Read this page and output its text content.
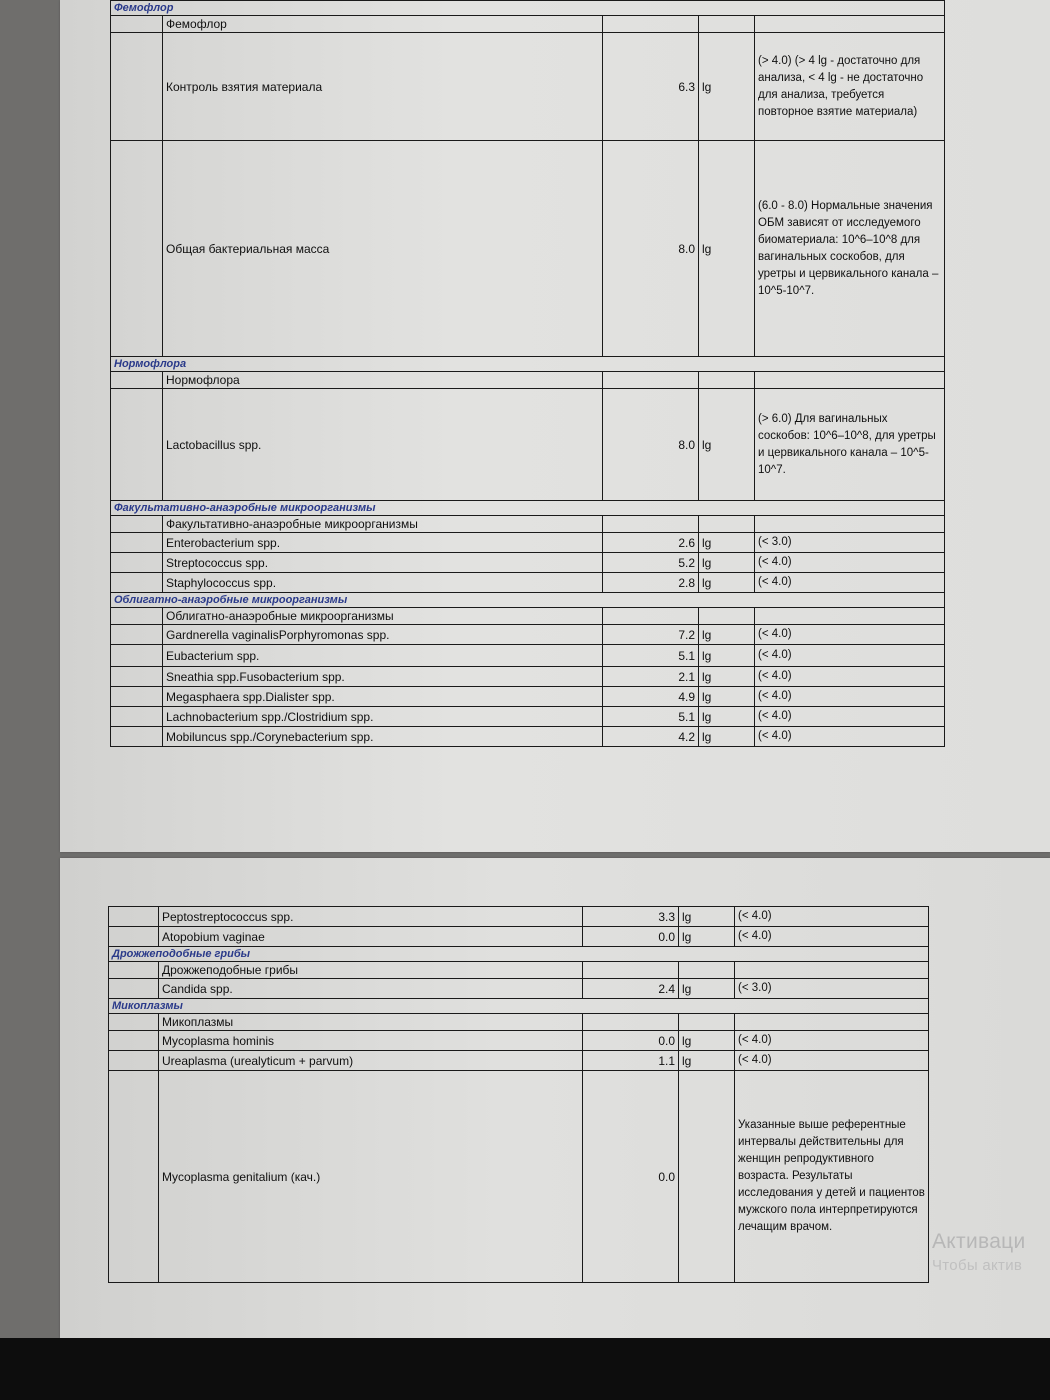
Фемофлор				
	Фемофлор			
	Контроль взятия материала	6.3	lg	(> 4.0) (> 4 lg - достаточно для анализа, < 4 lg - не достаточно для анализа, требуется повторное взятие материала)
	Общая бактериальная масса	8.0	lg	(6.0 - 8.0) Нормальные значения ОБМ зависят от исследуемого биоматериала: 10^6–10^8 для вагинальных соскобов, для уретры и цервикального канала – 10^5-10^7.
Нормофлора				
	Нормофлора			
	Lactobacillus spp.	8.0	lg	(> 6.0) Для вагинальных соскобов: 10^6–10^8, для уретры и цервикального канала – 10^5-10^7.
Факультативно-анаэробные микроорганизмы				
	Факультативно-анаэробные микроорганизмы			
	Enterobacterium spp.	2.6	lg	(< 3.0)
	Streptococcus spp.	5.2	lg	(< 4.0)
	Staphylococcus spp.	2.8	lg	(< 4.0)
Облигатно-анаэробные микроорганизмы				
	Облигатно-анаэробные микроорганизмы			
	Gardnerella vaginalisPorphyromonas spp.	7.2	lg	(< 4.0)
	Eubacterium spp.	5.1	lg	(< 4.0)
	Sneathia spp.Fusobacterium spp.	2.1	lg	(< 4.0)
	Megasphaera spp.Dialister spp.	4.9	lg	(< 4.0)
	Lachnobacterium spp./Clostridium spp.	5.1	lg	(< 4.0)
	Mobiluncus spp./Corynebacterium spp.	4.2	lg	(< 4.0)
	Peptostreptococcus spp.	3.3	lg	(< 4.0)
	Atopobium vaginae	0.0	lg	(< 4.0)
Дрожжеподобные грибы				
	Дрожжеподобные грибы			
	Candida spp.	2.4	lg	(< 3.0)
Микоплазмы				
	Микоплазмы			
	Mycoplasma hominis	0.0	lg	(< 4.0)
	Ureaplasma (urealyticum + parvum)	1.1	lg	(< 4.0)
	Mycoplasma genitalium (кач.)	0.0		Указанные выше референтные интервалы действительны для женщин репродуктивного возраста. Результаты исследования у детей и пациентов мужского пола интерпретируются лечащим врачом.
Активаци
Чтобы актив
